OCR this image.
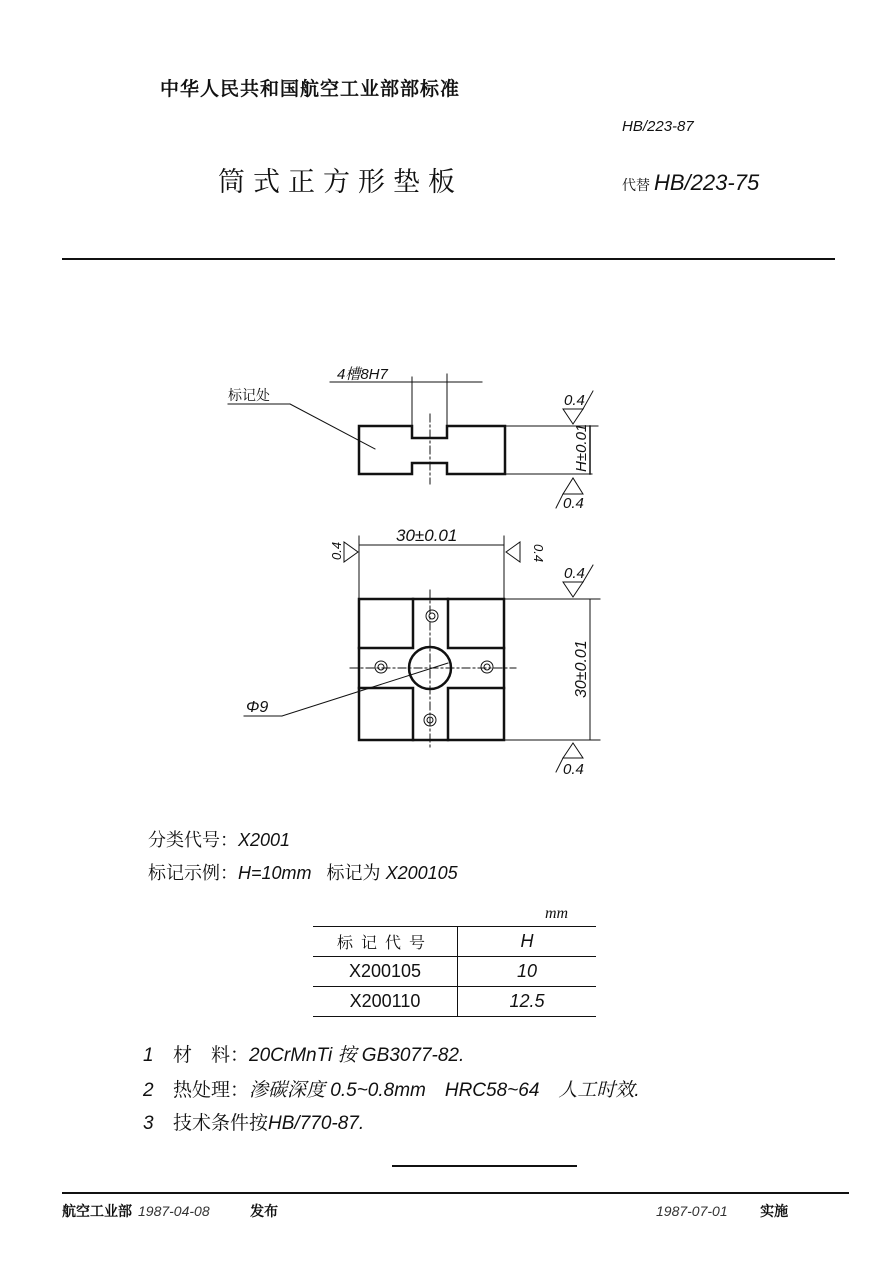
中华人民共和国航空工业部部标准
HB/223-87
筒式正方形垫板	代替 HB/223-75
4槽8H7
标记处	0.4
0.4
H±0.01
30±0.01
0.4	0.4
0.4
30±0.01
0.4
Φ9
分类代号：X2001
标记示例：H=10mm 标记为 X200105
mm
标记代号	H
X200105	10
X200110	12.5
1 材　料：20CrMnTi 按 GB3077-82.
2 热处理：渗碳深度 0.5~0.8mm　HRC58~64　人工时效.
3 技术条件按HB/770-87.
航空工业部 1987-04-08	发布	1987-07-01 实施
